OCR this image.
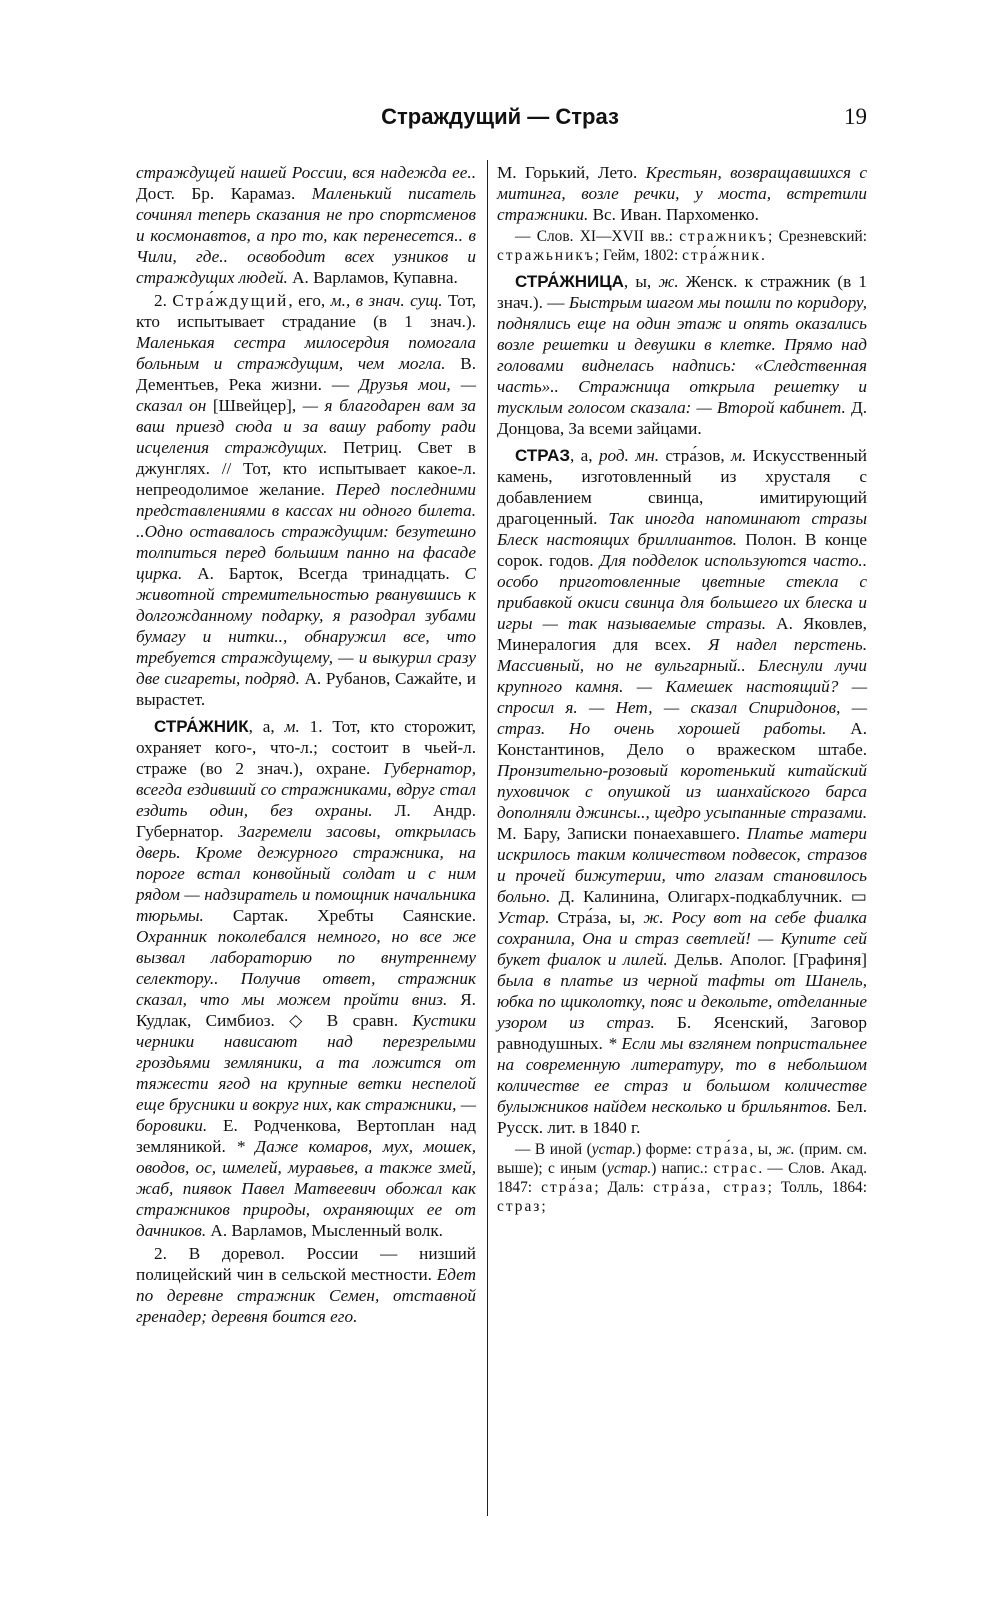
Страждущий — Страз	19

страждущей нашей России, вся надежда ее.. Дост. Бр. Карамаз. Маленький писатель сочинял теперь сказания не про спортсменов и космонавтов, а про то, как перенесется.. в Чили, где.. освободит всех узников и страждущих людей. А. Варламов, Купавна.

2. Стра́ждущий, его, м., в знач. сущ. Тот, кто испытывает страдание (в 1 знач.). Маленькая сестра милосердия помогала больным и страждущим, чем могла. В. Дементьев, Река жизни. — Друзья мои, — сказал он [Швейцер], — я благодарен вам за ваш приезд сюда и за вашу работу ради исцеления страждущих. Петриц. Свет в джунглях. // Тот, кто испытывает какое-л. непреодолимое желание. Перед последними представлениями в кассах ни одного билета. ..Одно оставалось страждущим: безутешно толпиться перед большим панно на фасаде цирка. А. Барток, Всегда тринадцать. С животной стремительностью рванувшись к долгожданному подарку, я разодрал зубами бумагу и нитки.., обнаружил все, что требуется страждущему, — и выкурил сразу две сигареты, подряд. А. Рубанов, Сажайте, и вырастет.

СТРА́ЖНИК, а, м. 1. Тот, кто сторожит, охраняет кого-, что-л.; состоит в чьей-л. страже (во 2 знач.), охране. Губернатор, всегда ездивший со стражниками, вдруг стал ездить один, без охраны. Л. Андр. Губернатор. Загремели засовы, открылась дверь. Кроме дежурного стражника, на пороге встал конвойный солдат и с ним рядом — надзиратель и помощник начальника тюрьмы. Сартак. Хребты Саянские. Охранник поколебался немного, но все же вызвал лабораторию по внутреннему селектору.. Получив ответ, стражник сказал, что мы можем пройти вниз. Я. Кудлак, Симбиоз. ◇ В сравн. Кустики черники нависают над перезрелыми гроздьями земляники, а та ложится от тяжести ягод на крупные ветки неспелой еще брусники и вокруг них, как стражники, — боровики. Е. Родченкова, Вертоплан над земляникой. * Даже комаров, мух, мошек, оводов, ос, шмелей, муравьев, а также змей, жаб, пиявок Павел Матвеевич обожал как стражников природы, охраняющих ее от дачников. А. Варламов, Мысленный волк.

2. В доревол. России — низший полицейский чин в сельской местности. Едет по деревне стражник Семен, отставной гренадер; деревня боится его.

М. Горький, Лето. Крестьян, возвращавшихся с митинга, возле речки, у моста, встретили стражники. Вс. Иван. Пархоменко.

— Слов. XI—XVII вв.: стражникъ; Срезневский: стражьникъ; Гейм, 1802: стра́жник.

СТРА́ЖНИЦА, ы, ж. Женск. к стражник (в 1 знач.). — Быстрым шагом мы пошли по коридору, поднялись еще на один этаж и опять оказались возле решетки и девушки в клетке. Прямо над головами виднелась надпись: «Следственная часть».. Стражница открыла решетку и тусклым голосом сказала: — Второй кабинет. Д. Донцова, За всеми зайцами.

СТРАЗ, а, род. мн. стра́зов, м. Искусственный камень, изготовленный из хрусталя с добавлением свинца, имитирующий драгоценный. Так иногда напоминают стразы Блеск настоящих бриллиантов. Полон. В конце сорок. годов. Для подделок используются часто.. особо приготовленные цветные стекла с прибавкой окиси свинца для большего их блеска и игры — так называемые стразы. А. Яковлев, Минералогия для всех. Я надел перстень. Массивный, но не вульгарный.. Блеснули лучи крупного камня. — Камешек настоящий? — спросил я. — Нет, — сказал Спиридонов, — страз. Но очень хорошей работы. А. Константинов, Дело о вражеском штабе. Пронзительно-розовый коротенький китайский пуховичок с опушкой из шанхайского барса дополняли джинсы.., щедро усыпанные стразами. М. Бару, Записки понаехавшего. Платье матери искрилось таким количеством подвесок, стразов и прочей бижутерии, что глазам становилось больно. Д. Калинина, Олигарх-подкаблучник. ▭ Устар. Стра́за, ы, ж. Росу вот на себе фиалка сохранила, Она и страз светлей! — Купите сей букет фиалок и лилей. Дельв. Аполог. [Графиня] была в платье из черной тафты от Шанель, юбка по щиколотку, пояс и декольте, отделанные узором из страз. Б. Ясенский, Заговор равнодушных. * Если мы взглянем попристальнее на современную литературу, то в небольшом количестве ее страз и большом количестве булыжников найдем несколько и брильянтов. Бел. Русск. лит. в 1840 г.

— В иной (устар.) форме: стра́за, ы, ж. (прим. см. выше); с иным (устар.) напис.: страс. — Слов. Акад. 1847: стра́за; Даль: стра́за, страз; Толль, 1864: страз;
